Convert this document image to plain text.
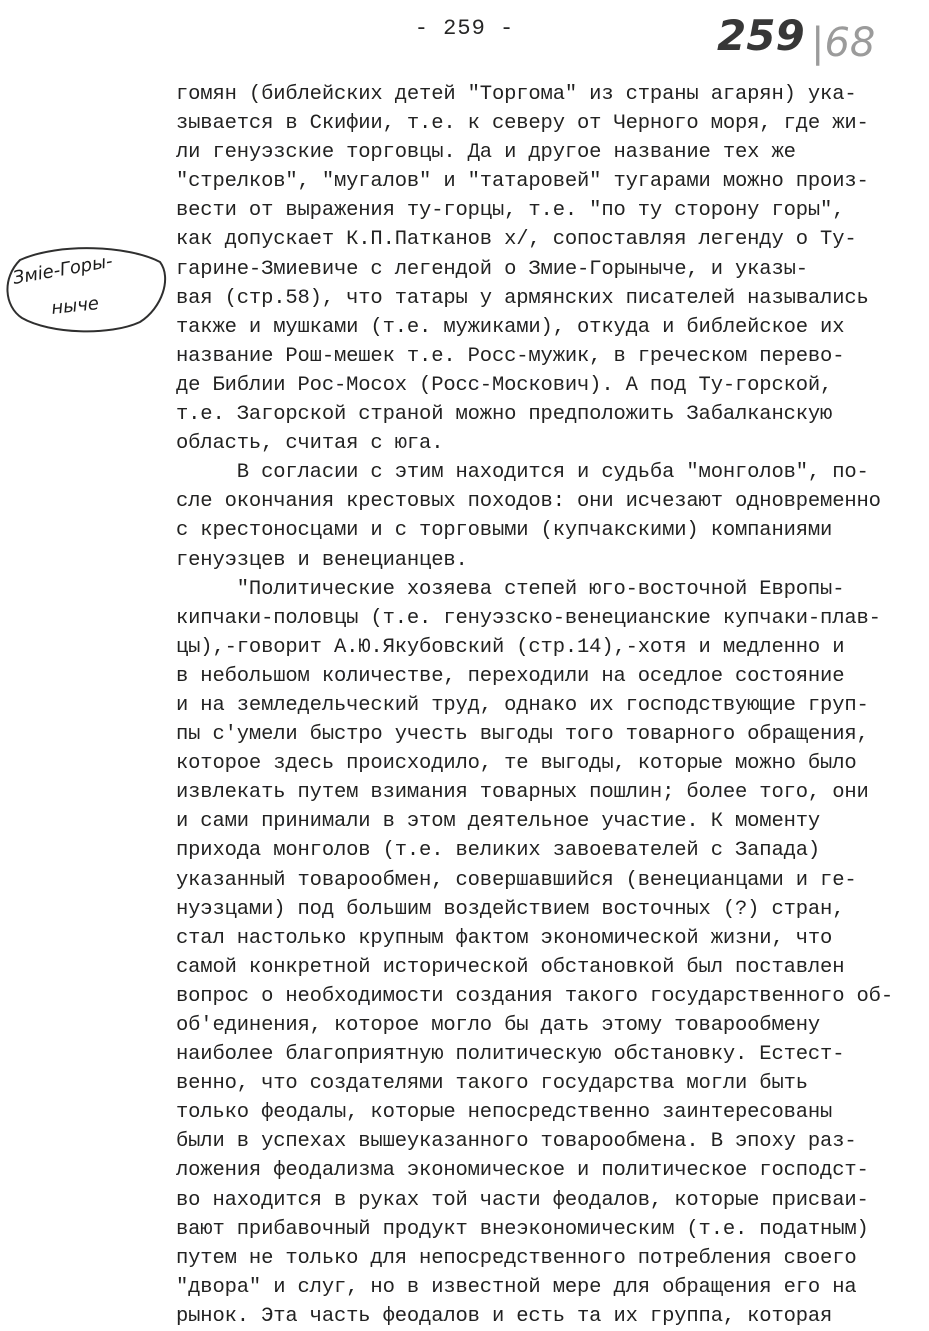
- 259 -	259 |68
Змiе-Горы-
ныче
гомян (библейских детей "Торгома" из страны агарян) ука-
зывается в Скифии, т.е. к северу от Черного моря, где жи-
ли генуэзские торговцы. Да и другое название тех же
"стрелков", "мугалов" и "татаровей" тугарами можно произ-
вести от выражения ту-горцы, т.е. "по ту сторону горы",
как допускает К.П.Патканов х/, сопоставляя легенду о Ту-
гарине-Змиевиче с легендой о Змие-Горыныче, и указы-
вая (стр.58), что татары у армянских писателей назывались
также и мушками (т.е. мужиками), откуда и библейское их
название Рош-мешек т.е. Росс-мужик, в греческом перево-
де Библии Рос-Мосох (Росс-Москович). А под Ту-горской,
т.е. Загорской страной можно предположить Забалканскую
область, считая с юга.
В согласии с этим находится и судьба "монголов", по-
сле окончания крестовых походов: они исчезают одновременно
с крестоносцами и с торговыми (купчакскими) компаниями
генуэзцев и венецианцев.
"Политические хозяева степей юго-восточной Европы-
кипчаки-половцы (т.е. генуэзско-венецианские купчаки-плав-
цы),-говорит А.Ю.Якубовский (стр.14),-хотя и медленно и
в небольшом количестве, переходили на оседлое состояние
и на земледельческий труд, однако их господствующие груп-
пы с'умели быстро учесть выгоды того товарного обращения,
которое здесь происходило, те выгоды, которые можно было
извлекать путем взимания товарных пошлин; более того, они
и сами принимали в этом деятельное участие. К моменту
прихода монголов (т.е. великих завоевателей с Запада)
указанный товарообмен, совершавшийся (венецианцами и ге-
нуэзцами) под большим воздействием восточных (?) стран,
стал настолько крупным фактом экономической жизни, что
самой конкретной исторической обстановкой был поставлен
вопрос о необходимости создания такого государственного об-
об'единения, которое могло бы дать этому товарообмену
наиболее благоприятную политическую обстановку. Естест-
венно, что создателями такого государства могли быть
только феодалы, которые непосредственно заинтересованы
были в успехах вышеуказанного товарообмена. В эпоху раз-
ложения феодализма экономическое и политическое господст-
во находится в руках той части феодалов, которые присваи-
вают прибавочный продукт внеэкономическим (т.е. податным)
путем не только для непосредственного потребления своего
"двора" и слуг, но в известной мере для обращения его на
рынок. Эта часть феодалов и есть та их группа, которая
